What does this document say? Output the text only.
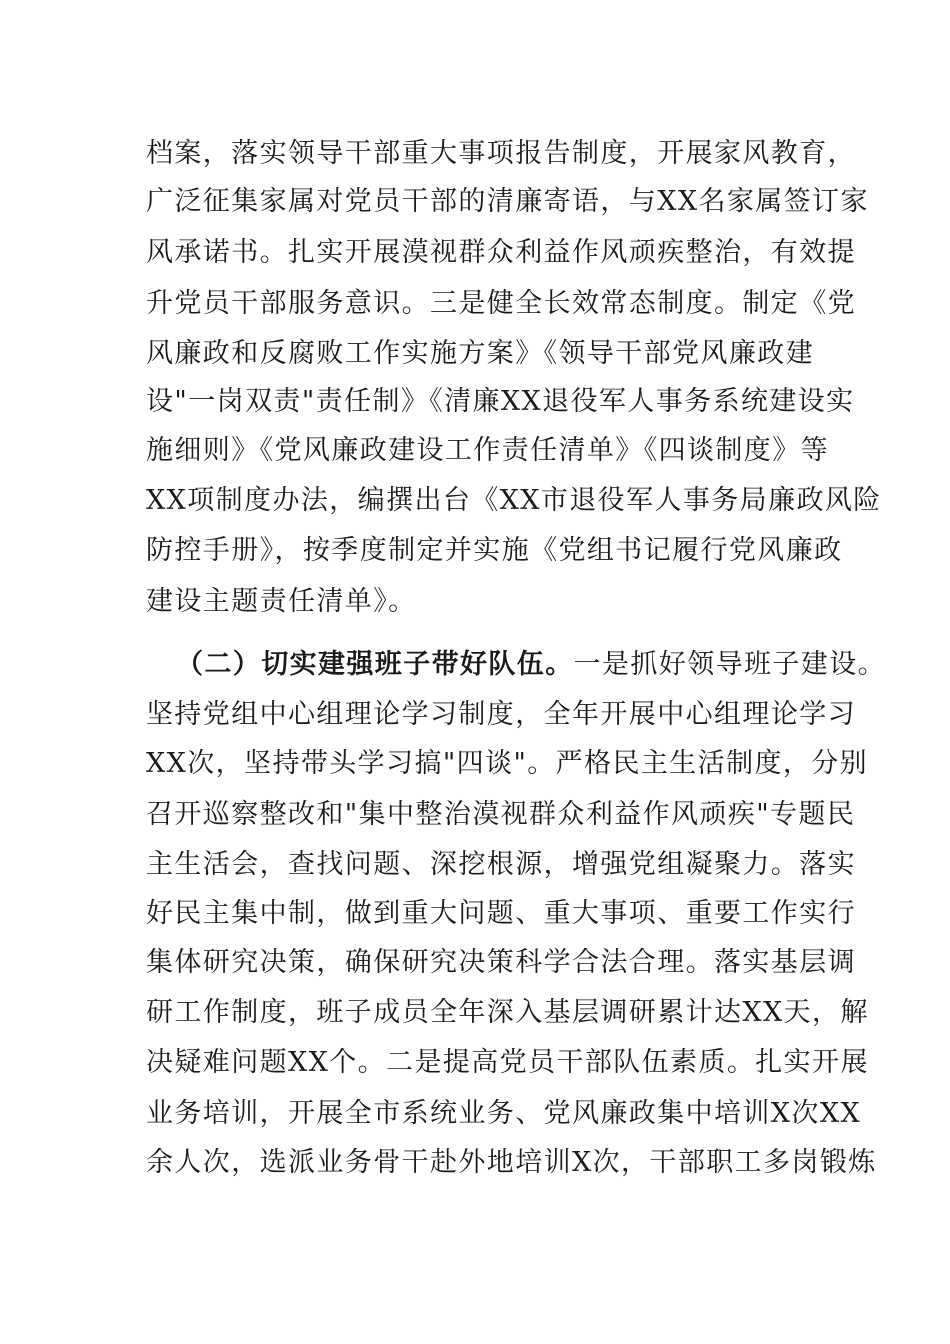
档案，落实领导干部重大事项报告制度，开展家风教育，
广泛征集家属对党员干部的清廉寄语，与XX名家属签订家
风承诺书。扎实开展漠视群众利益作风顽疾整治，有效提
升党员干部服务意识。三是健全长效常态制度。制定《党
风廉政和反腐败工作实施方案》《领导干部党风廉政建
设"一岗双责"责任制》《清廉XX退役军人事务系统建设实
施细则》《党风廉政建设工作责任清单》《四谈制度》等
XX项制度办法，编撰出台《XX市退役军人事务局廉政风险
防控手册》，按季度制定并实施《党组书记履行党风廉政
建设主题责任清单》。
（二）切实建强班子带好队伍。一是抓好领导班子建设。
坚持党组中心组理论学习制度，全年开展中心组理论学习
XX次，坚持带头学习搞"四谈"。严格民主生活制度，分别
召开巡察整改和"集中整治漠视群众利益作风顽疾"专题民
主生活会，查找问题、深挖根源，增强党组凝聚力。落实
好民主集中制，做到重大问题、重大事项、重要工作实行
集体研究决策，确保研究决策科学合法合理。落实基层调
研工作制度，班子成员全年深入基层调研累计达XX天，解
决疑难问题XX个。二是提高党员干部队伍素质。扎实开展
业务培训，开展全市系统业务、党风廉政集中培训X次XX
余人次，选派业务骨干赴外地培训X次，干部职工多岗锻炼
